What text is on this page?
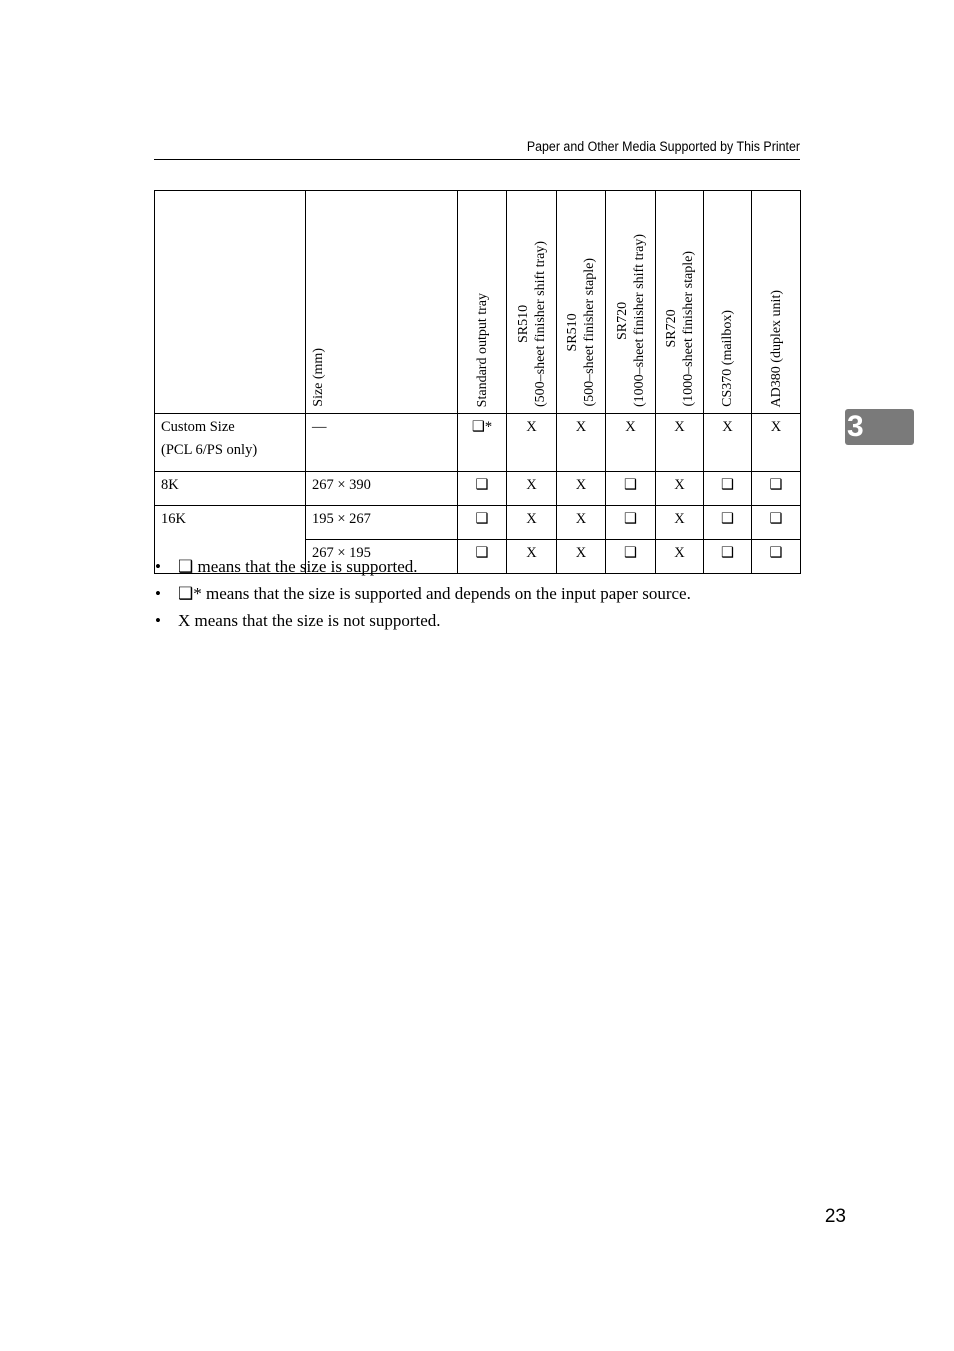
Paper and Other Media Supported by This Printer

	Size (mm)	Standard output tray	SR510 (500–sheet finisher shift tray)	SR510 (500–sheet finisher staple)	SR720 (1000–sheet finisher shift tray)	SR720 (1000–sheet finisher staple)	CS370 (mailbox)	AD380 (duplex unit)

Custom Size
(PCL 6/PS only)	—	❑*	X	X	X	X	X	X
8K	267 × 390	❑	X	X	❑	X	❑	❑
16K	195 × 267	❑	X	X	❑	X	❑	❑
	267 × 195	❑	X	X	❑	X	❑	❑
•	❑ means that the size is supported.
•	❑* means that the size is supported and depends on the input paper source.
•	X means that the size is not supported.
3
23
